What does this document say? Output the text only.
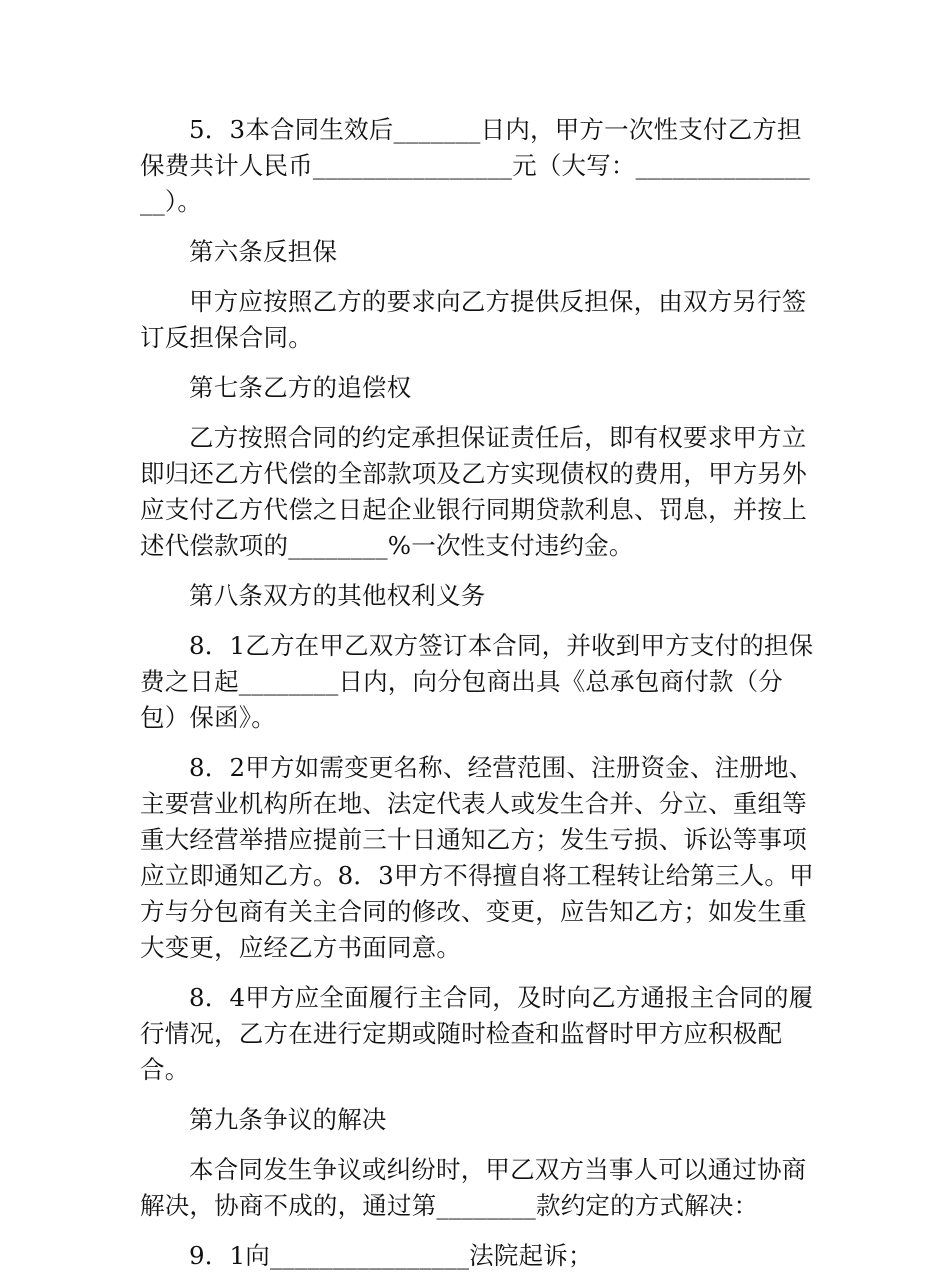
5．3本合同生效后_______日内，甲方一次性支付乙方担保费共计人民币________________元（大写：______________ __）。

第六条反担保

甲方应按照乙方的要求向乙方提供反担保，由双方另行签订反担保合同。

第七条乙方的追偿权

乙方按照合同的约定承担保证责任后，即有权要求甲方立即归还乙方代偿的全部款项及乙方实现债权的费用，甲方另外应支付乙方代偿之日起企业银行同期贷款利息、罚息，并按上述代偿款项的________%一次性支付违约金。

第八条双方的其他权利义务

8．1乙方在甲乙双方签订本合同，并收到甲方支付的担保费之日起________日内，向分包商出具《总承包商付款（分包）保函》。

8．2甲方如需变更名称、经营范围、注册资金、注册地、主要营业机构所在地、法定代表人或发生合并、分立、重组等重大经营举措应提前三十日通知乙方；发生亏损、诉讼等事项应立即通知乙方。8．3甲方不得擅自将工程转让给第三人。甲方与分包商有关主合同的修改、变更，应告知乙方；如发生重大变更，应经乙方书面同意。

8．4甲方应全面履行主合同，及时向乙方通报主合同的履行情况，乙方在进行定期或随时检查和监督时甲方应积极配合。

第九条争议的解决

本合同发生争议或纠纷时，甲乙双方当事人可以通过协商解决，协商不成的，通过第________款约定的方式解决：

9．1向________________法院起诉；
